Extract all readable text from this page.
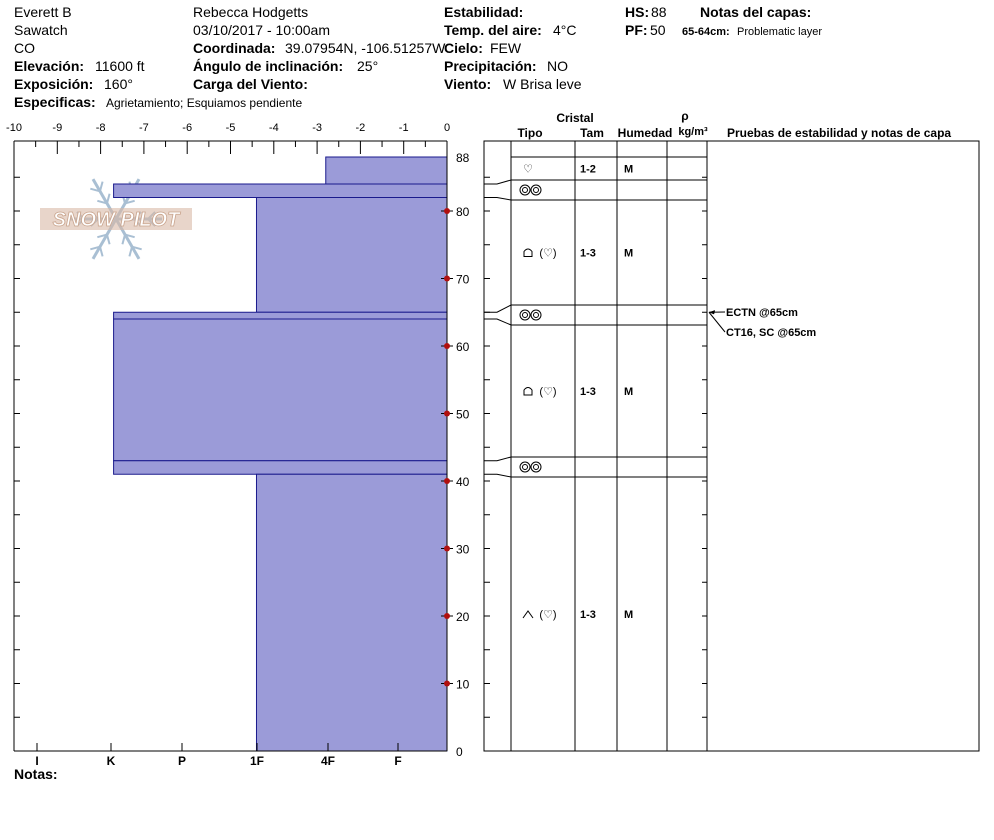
Everett B
Sawatch
CO
Elevación: 11600 ft
Exposición: 160°
Especificas: Agrietamiento; Esquiamos pendiente
Rebecca Hodgetts
03/10/2017 - 10:00am
Coordinada: 39.07954N, -106.51257W
Ángulo de inclinación: 25°
Carga del Viento:
Estabilidad:
Temp. del aire: 4°C
Cielo: FEW
Precipitación: NO
Viento: W Brisa leve
HS: 88
PF: 50
Notas del capas:
65-64cm: Problematic layer
Notas:
SNOW PILOT
-10	-9	-8	-7	-6	-5	-4	-3	-2	-1	0
I	K	P	1F	4F	F
0
10
20
30
40
50
60
70
80
88
Cristal
Tipo	Tam Humedad
ρ
kg/m³ Pruebas de estabilidad y notas de capa
♡	1-2	M
(♡) 1-3	M
(♡) 1-3	M
(♡) 1-3	M
ECTN @65cm
CT16, SC @65cm
